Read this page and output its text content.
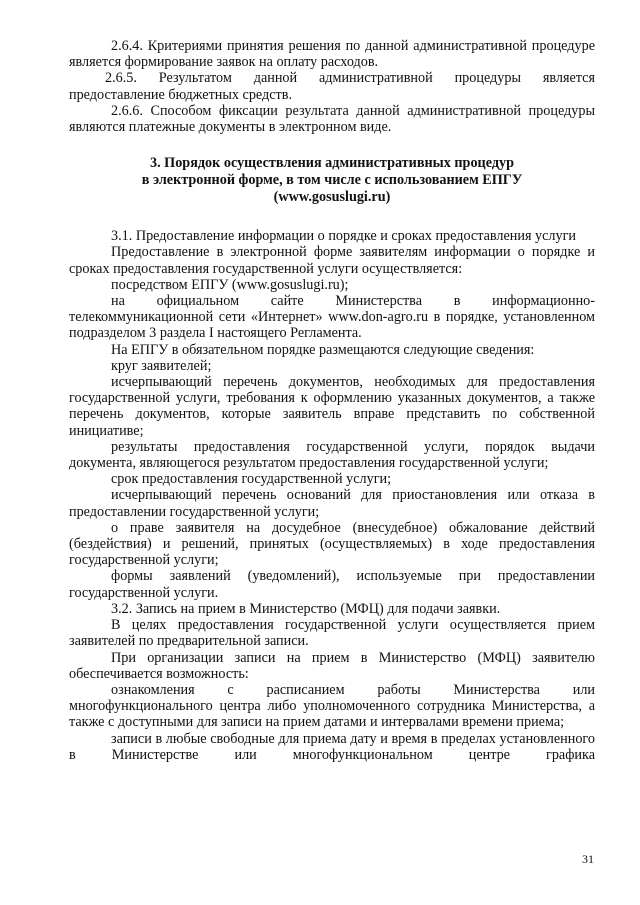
2.6.4. Критериями принятия решения по данной административной процедуре является формирование заявок на оплату расходов.

2.6.5. Результатом данной административной процедуры является предоставление бюджетных средств.

2.6.6. Способом фиксации результата данной административной процедуры являются платежные документы в электронном виде.

3. Порядок осуществления административных процедур
в электронной форме, в том числе с использованием ЕПГУ
(www.gosuslugi.ru)

3.1. Предоставление информации о порядке и сроках предоставления услуги

Предоставление в электронной форме заявителям информации о порядке и сроках предоставления государственной услуги осуществляется:

посредством ЕПГУ (www.gosuslugi.ru);

на официальном сайте Министерства в информационно-телекоммуникационной сети «Интернет» www.don-agro.ru в порядке, установленном подразделом 3 раздела I настоящего Регламента.

На ЕПГУ в обязательном порядке размещаются следующие сведения:

круг заявителей;

исчерпывающий перечень документов, необходимых для предоставления государственной услуги, требования к оформлению указанных документов, а также перечень документов, которые заявитель вправе представить по собственной инициативе;

результаты предоставления государственной услуги, порядок выдачи документа, являющегося результатом предоставления государственной услуги;

срок предоставления государственной услуги;

исчерпывающий перечень оснований для приостановления или отказа в предоставлении государственной услуги;

о праве заявителя на досудебное (внесудебное) обжалование действий (бездействия) и решений, принятых (осуществляемых) в ходе предоставления государственной услуги;

формы заявлений (уведомлений), используемые при предоставлении государственной услуги.

3.2. Запись на прием в Министерство (МФЦ) для подачи заявки.

В целях предоставления государственной услуги осуществляется прием заявителей по предварительной записи.

При организации записи на прием в Министерство (МФЦ) заявителю обеспечивается возможность:

ознакомления с расписанием работы Министерства или многофункционального центра либо уполномоченного сотрудника Министерства, а также с доступными для записи на прием датами и интервалами времени приема;

записи в любые свободные для приема дату и время в пределах установленного в Министерстве или многофункциональном центре графика

31
